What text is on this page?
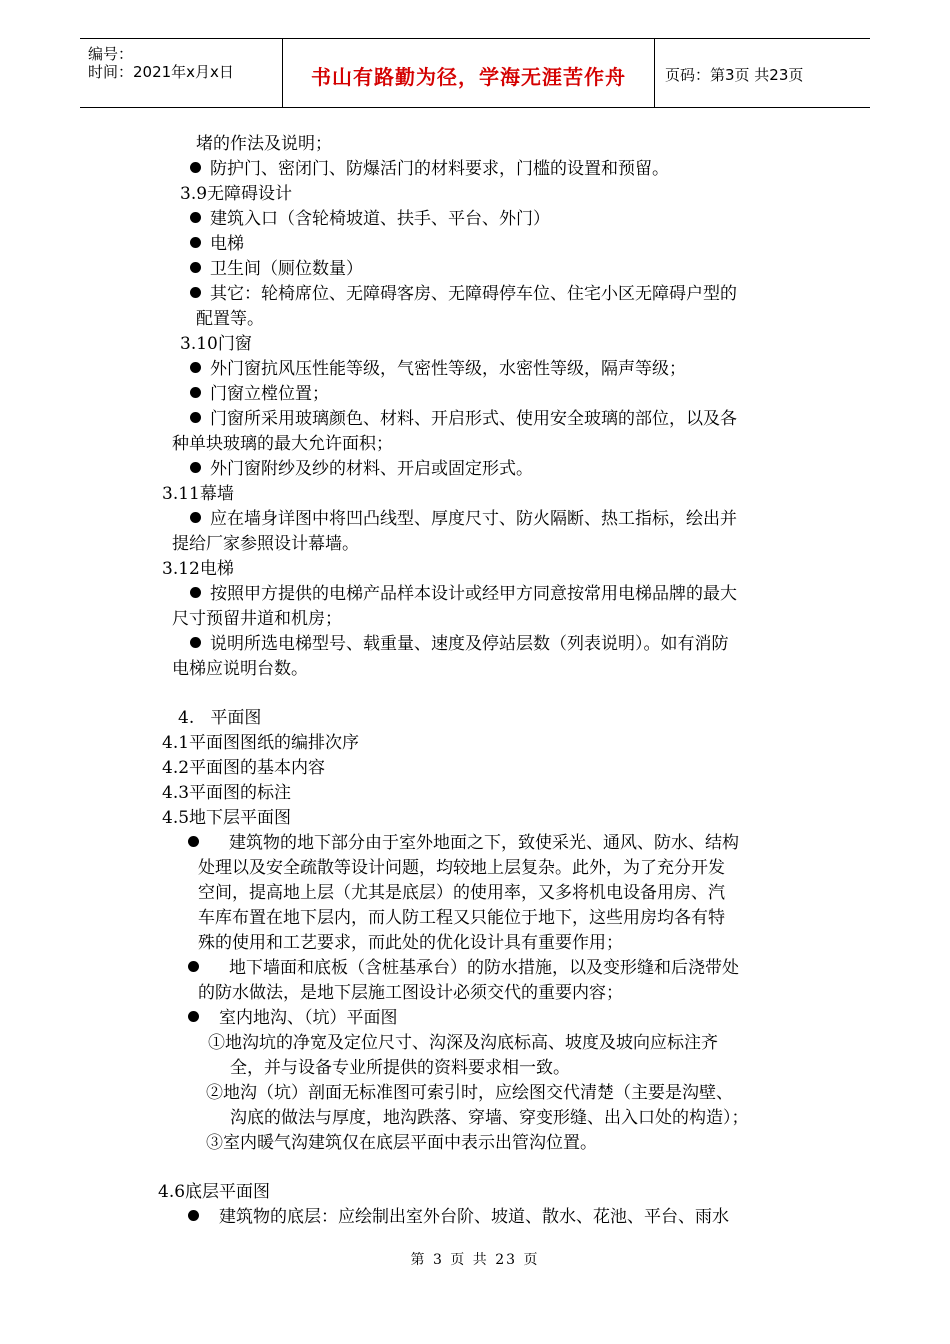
编号：
时间：2021年x月x日	书山有路勤为径，学海无涯苦作舟	页码：第3页 共23页
堵的作法及说明；
防护门、密闭门、防爆活门的材料要求，门槛的设置和预留。
3.9无障碍设计
建筑入口（含轮椅坡道、扶手、平台、外门）
电梯
卫生间（厕位数量）
其它：轮椅席位、无障碍客房、无障碍停车位、住宅小区无障碍户型的
配置等。
3.10门窗
外门窗抗风压性能等级，气密性等级，水密性等级，隔声等级；
门窗立樘位置；
门窗所采用玻璃颜色、材料、开启形式、使用安全玻璃的部位，以及各
种单块玻璃的最大允许面积；
外门窗附纱及纱的材料、开启或固定形式。
3.11幕墙
应在墙身详图中将凹凸线型、厚度尺寸、防火隔断、热工指标，绘出并
提给厂家参照设计幕墙。
3.12电梯
按照甲方提供的电梯产品样本设计或经甲方同意按常用电梯品牌的最大
尺寸预留井道和机房；
说明所选电梯型号、载重量、速度及停站层数（列表说明）。如有消防
电梯应说明台数。
4.   平面图
4.1平面图图纸的编排次序
4.2平面图的基本内容
4.3平面图的标注
4.5地下层平面图
建筑物的地下部分由于室外地面之下，致使采光、通风、防水、结构
处理以及安全疏散等设计问题，均较地上层复杂。此外，为了充分开发
空间，提高地上层（尤其是底层）的使用率，又多将机电设备用房、汽
车库布置在地下层内，而人防工程又只能位于地下，这些用房均各有特
殊的使用和工艺要求，而此处的优化设计具有重要作用；
地下墙面和底板（含桩基承台）的防水措施，以及变形缝和后浇带处
的防水做法，是地下层施工图设计必须交代的重要内容；
室内地沟、（坑）平面图
①地沟坑的净宽及定位尺寸、沟深及沟底标高、坡度及坡向应标注齐
全，并与设备专业所提供的资料要求相一致。
②地沟（坑）剖面无标准图可索引时，应绘图交代清楚（主要是沟壁、
沟底的做法与厚度，地沟跌落、穿墙、穿变形缝、出入口处的构造）；
③室内暖气沟建筑仅在底层平面中表示出管沟位置。
4.6底层平面图
建筑物的底层：应绘制出室外台阶、坡道、散水、花池、平台、雨水
第 3 页 共 23 页
